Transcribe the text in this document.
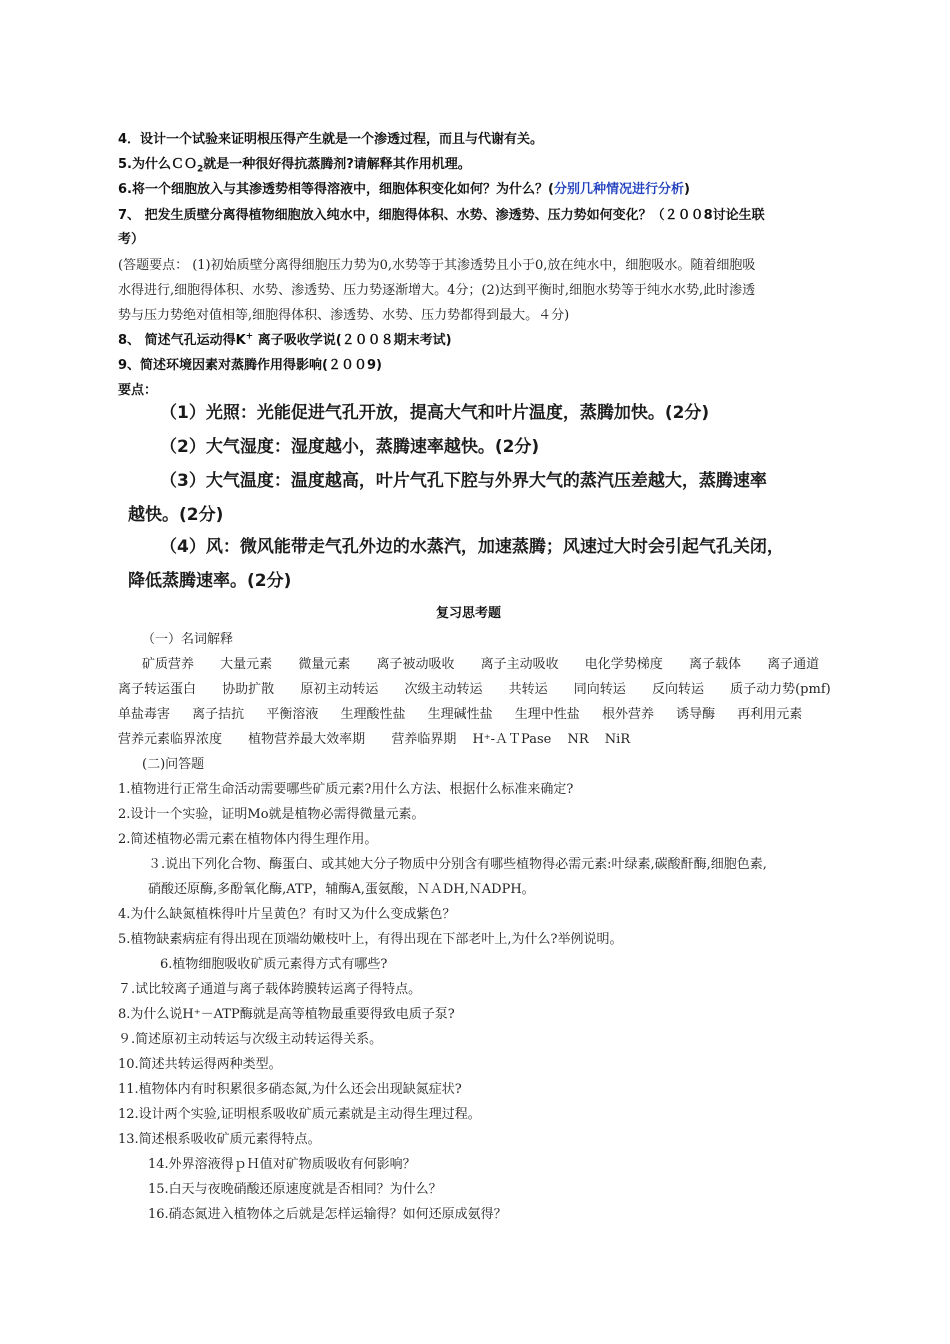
4．设计一个试验来证明根压得产生就是一个渗透过程，而且与代谢有关。
5.为什么ＣＯ$_2$就是一种很好得抗蒸腾剂?请解释其作用机理。
6.将一个细胞放入与其渗透势相等得溶液中，细胞体积变化如何？为什么？(分别几种情况进行分析)
7、 把发生质壁分离得植物细胞放入纯水中，细胞得体积、水势、渗透势、压力势如何变化？（２００8讨论生联
考）
(答题要点： (1)初始质壁分离得细胞压力势为0,水势等于其渗透势且小于0,放在纯水中，细胞吸水。随着细胞吸
水得进行,细胞得体积、水势、渗透势、压力势逐渐增大。4分；(2)达到平衡时,细胞水势等于纯水水势,此时渗透
势与压力势绝对值相等,细胞得体积、渗透势、水势、压力势都得到最大。４分)
8、 简述气孔运动得K+ 离子吸收学说(２００８期末考试)
9、简述环境因素对蒸腾作用得影响(２００9)
要点：
（1）光照：光能促进气孔开放，提高大气和叶片温度，蒸腾加快。(2分)
（2）大气湿度：湿度越小，蒸腾速率越快。(2分)
（3）大气温度：温度越高，叶片气孔下腔与外界大气的蒸汽压差越大，蒸腾速率
越快。(2分)
（4）风：微风能带走气孔外边的水蒸汽，加速蒸腾；风速过大时会引起气孔关闭，
降低蒸腾速率。(2分)
复习思考题
（一）名词解释
矿质营养 大量元素 微量元素 离子被动吸收 离子主动吸收 电化学势梯度 离子载体 离子通道
离子转运蛋白 协助扩散 原初主动转运 次级主动转运 共转运 同向转运 反向转运 质子动力势(pmf)
单盐毒害 离子拮抗 平衡溶液 生理酸性盐 生理碱性盐 生理中性盐 根外营养 诱导酶 再利用元素
营养元素临界浓度 植物营养最大效率期 营养临界期 H⁺-ＡＴPase NR NiR
(二)问答题
1.植物进行正常生命活动需要哪些矿质元素?用什么方法、根据什么标准来确定?
2.设计一个实验，证明Mo就是植物必需得微量元素。
2.简述植物必需元素在植物体内得生理作用。
３.说出下列化合物、酶蛋白、或其她大分子物质中分别含有哪些植物得必需元素:叶绿素,碳酸酐酶,细胞色素,
硝酸还原酶,多酚氧化酶,ATP，辅酶A,蛋氨酸，ＮＡDH,ＮADPH。
4.为什么缺氮植株得叶片呈黄色？有时又为什么变成紫色？
5.植物缺素病症有得出现在顶端幼嫩枝叶上，有得出现在下部老叶上,为什么?举例说明。
6.植物细胞吸收矿质元素得方式有哪些?
７.试比较离子通道与离子载体跨膜转运离子得特点。
8.为什么说H⁺－ATP酶就是高等植物最重要得致电质子泵?
９.简述原初主动转运与次级主动转运得关系。
10.简述共转运得两种类型。
11.植物体内有时积累很多硝态氮,为什么还会出现缺氮症状?
12.设计两个实验,证明根系吸收矿质元素就是主动得生理过程。
13.简述根系吸收矿质元素得特点。
14.外界溶液得ｐＨ值对矿物质吸收有何影响？
15.白天与夜晚硝酸还原速度就是否相同？为什么？
16.硝态氮进入植物体之后就是怎样运输得？如何还原成氨得？
